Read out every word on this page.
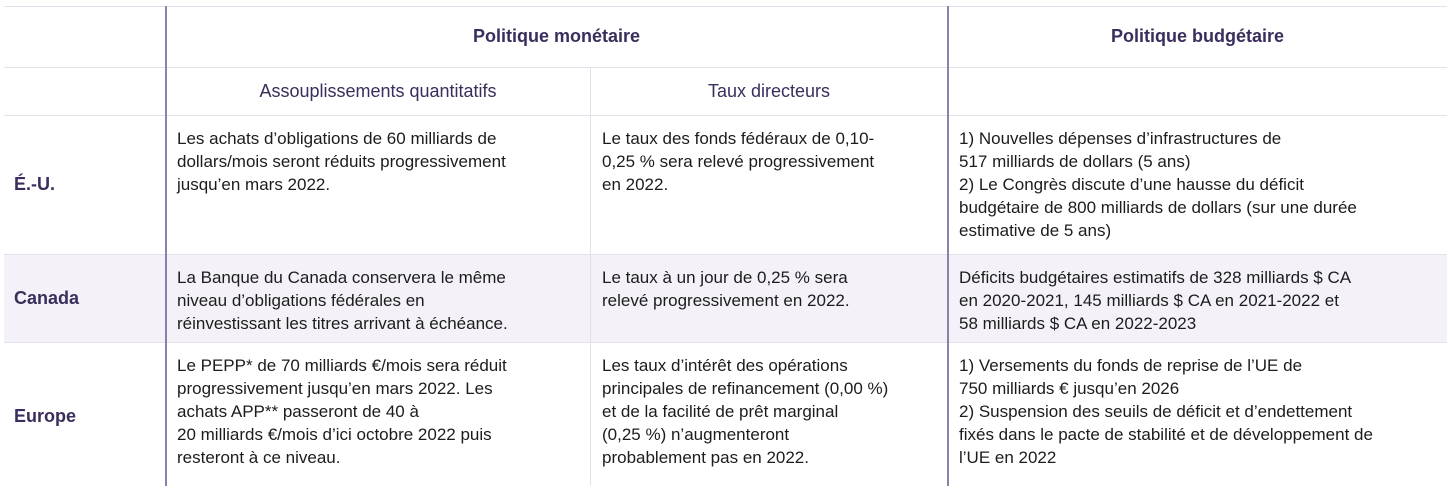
Politique monétaire	Politique budgétaire
Assouplissements quantitatifs	Taux directeurs
É.-U.
Les achats d’obligations de 60 milliards de
dollars/mois seront réduits progressivement
jusqu’en mars 2022.
Le taux des fonds fédéraux de 0,10-
0,25 % sera relevé progressivement
en 2022.
1) Nouvelles dépenses d’infrastructures de
517 milliards de dollars (5 ans)
2) Le Congrès discute d’une hausse du déficit
budgétaire de 800 milliards de dollars (sur une durée
estimative de 5 ans)
Canada
La Banque du Canada conservera le même
niveau d’obligations fédérales en
réinvestissant les titres arrivant à échéance.
Le taux à un jour de 0,25 % sera
relevé progressivement en 2022.
Déficits budgétaires estimatifs de 328 milliards $ CA
en 2020-2021, 145 milliards $ CA en 2021-2022 et
58 milliards $ CA en 2022-2023
Europe
Le PEPP* de 70 milliards €/mois sera réduit
progressivement jusqu’en mars 2022. Les
achats APP** passeront de 40 à
20 milliards €/mois d’ici octobre 2022 puis
resteront à ce niveau.
Les taux d’intérêt des opérations
principales de refinancement (0,00 %)
et de la facilité de prêt marginal
(0,25 %) n’augmenteront
probablement pas en 2022.
1) Versements du fonds de reprise de l’UE de
750 milliards € jusqu’en 2026
2) Suspension des seuils de déficit et d’endettement
fixés dans le pacte de stabilité et de développement de
l’UE en 2022
